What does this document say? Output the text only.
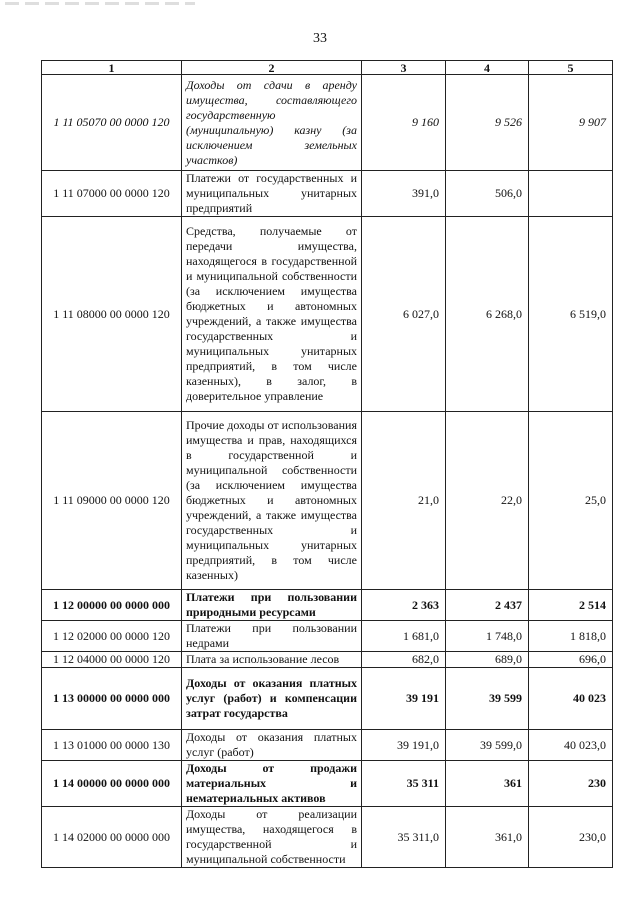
33
1	2	3	4	5
1 11 05070 00 0000 120	Доходы от сдачи в аренду имущества, составляющего государственную (муниципальную) казну (за исключением земельных участков)	9 160	9 526	9 907
1 11 07000 00 0000 120	Платежи от государственных и муниципальных унитарных предприятий	391,0	506,0	
1 11 08000 00 0000 120	Средства, получаемые от передачи имущества, находящегося в государственной и муниципальной собственности (за исключением имущества бюджетных и автономных учреждений, а также имущества государственных и муниципальных унитарных предприятий, в том числе казенных), в залог, в доверительное управление	6 027,0	6 268,0	6 519,0
1 11 09000 00 0000 120	Прочие доходы от использования имущества и прав, находящихся в государственной и муниципальной собственности (за исключением имущества бюджетных и автономных учреждений, а также имущества государственных и муниципальных унитарных предприятий, в том числе казенных)	21,0	22,0	25,0
1 12 00000 00 0000 000	Платежи при пользовании природными ресурсами	2 363	2 437	2 514
1 12 02000 00 0000 120	Платежи при пользовании недрами	1 681,0	1 748,0	1 818,0
1 12 04000 00 0000 120	Плата за использование лесов	682,0	689,0	696,0
1 13 00000 00 0000 000	Доходы от оказания платных услуг (работ) и компенсации затрат государства	39 191	39 599	40 023
1 13 01000 00 0000 130	Доходы от оказания платных услуг (работ)	39 191,0	39 599,0	40 023,0
1 14 00000 00 0000 000	Доходы от продажи материальных и нематериальных активов	35 311	361	230
1 14 02000 00 0000 000	Доходы от реализации имущества, находящегося в государственной и муниципальной собственности	35 311,0	361,0	230,0
